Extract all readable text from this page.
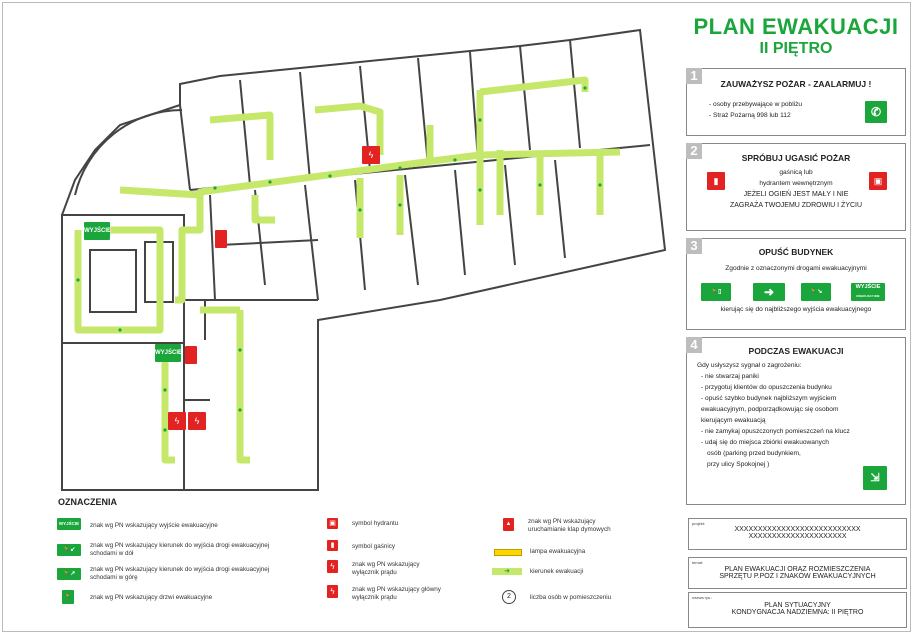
WYJŚCIE
WYJŚCIE
ϟ
ϟ	ϟ
PLAN EWAKUACJI
II PIĘTRO
1
ZAUWAŻYSZ POŻAR - ZAALARMUJ !
- osoby przebywające w pobliżu
- Straż Pożarną 998 lub 112	✆
2	SPRÓBUJ UGASIĆ POŻAR
gaśnicą lub
hydrantem wewnętrznym
JEŻELI OGIEŃ JEST MAŁY I NIE
ZAGRAŻA TWOJEMU ZDROWIU I ŻYCIU
▮	▣
3	OPUŚĆ BUDYNEK
Zgodnie z oznaczonymi drogami ewakuacyjnymi
🏃▯	➜	🏃↘
WYJŚCIE
EWAKUACYJNE
kierując się do najbliższego wyjścia ewakuacyjnego
4	PODCZAS EWAKUACJI
Gdy usłyszysz sygnał o zagrożeniu:
- nie stwarzaj paniki
- przygotuj klientów do opuszczenia budynku
- opuść szybko budynek najbliższym wyjściem
ewakuacyjnym, podporządkowując się osobom
kierującym ewakuacją
- nie zamykaj opuszczonych pomieszczeń na klucz
- udaj się do miejsca zbiórki ewakuowanych
osób (parking przed budynkiem,
przy ulicy Spokojnej )
⇲
OZNACZENIA
WYJŚCIE znak wg PN wskazujący wyjście ewakuacyjne
🏃↙
znak wg PN wskazujący kierunek do wyjścia drogi ewakuacyjnej schodami w dół
🏃↗
znak wg PN wskazujący kierunek do wyjścia drogi ewakuacyjnej schodami w górę
🏃	znak wg PN wskazujący drzwi ewakuacyjne
▣	symbol hydrantu
▮	symbol gaśnicy
ϟ	znak wg PN wskazujący wyłącznik prądu
ϟ	znak wg PN wskazujący główny wyłącznik prądu
▲	znak wg PN wskazujący uruchamianie klap dymowych
lampa ewakuacyjna
➜	kierunek ewakuacji
2	liczba osób w pomieszczeniu
projekt:
XXXXXXXXXXXXXXXXXXXXXXXXXXX
XXXXXXXXXXXXXXXXXXXXX
temat:
PLAN EWAKUACJI ORAZ ROZMIESZCZENIA
SPRZĘTU P.POŻ I ZNAKÓW EWAKUACYJNYCH
nazwa rys.:
PLAN SYTUACYJNY
KONDYGNACJA NADZIEMNA: II PIĘTRO
